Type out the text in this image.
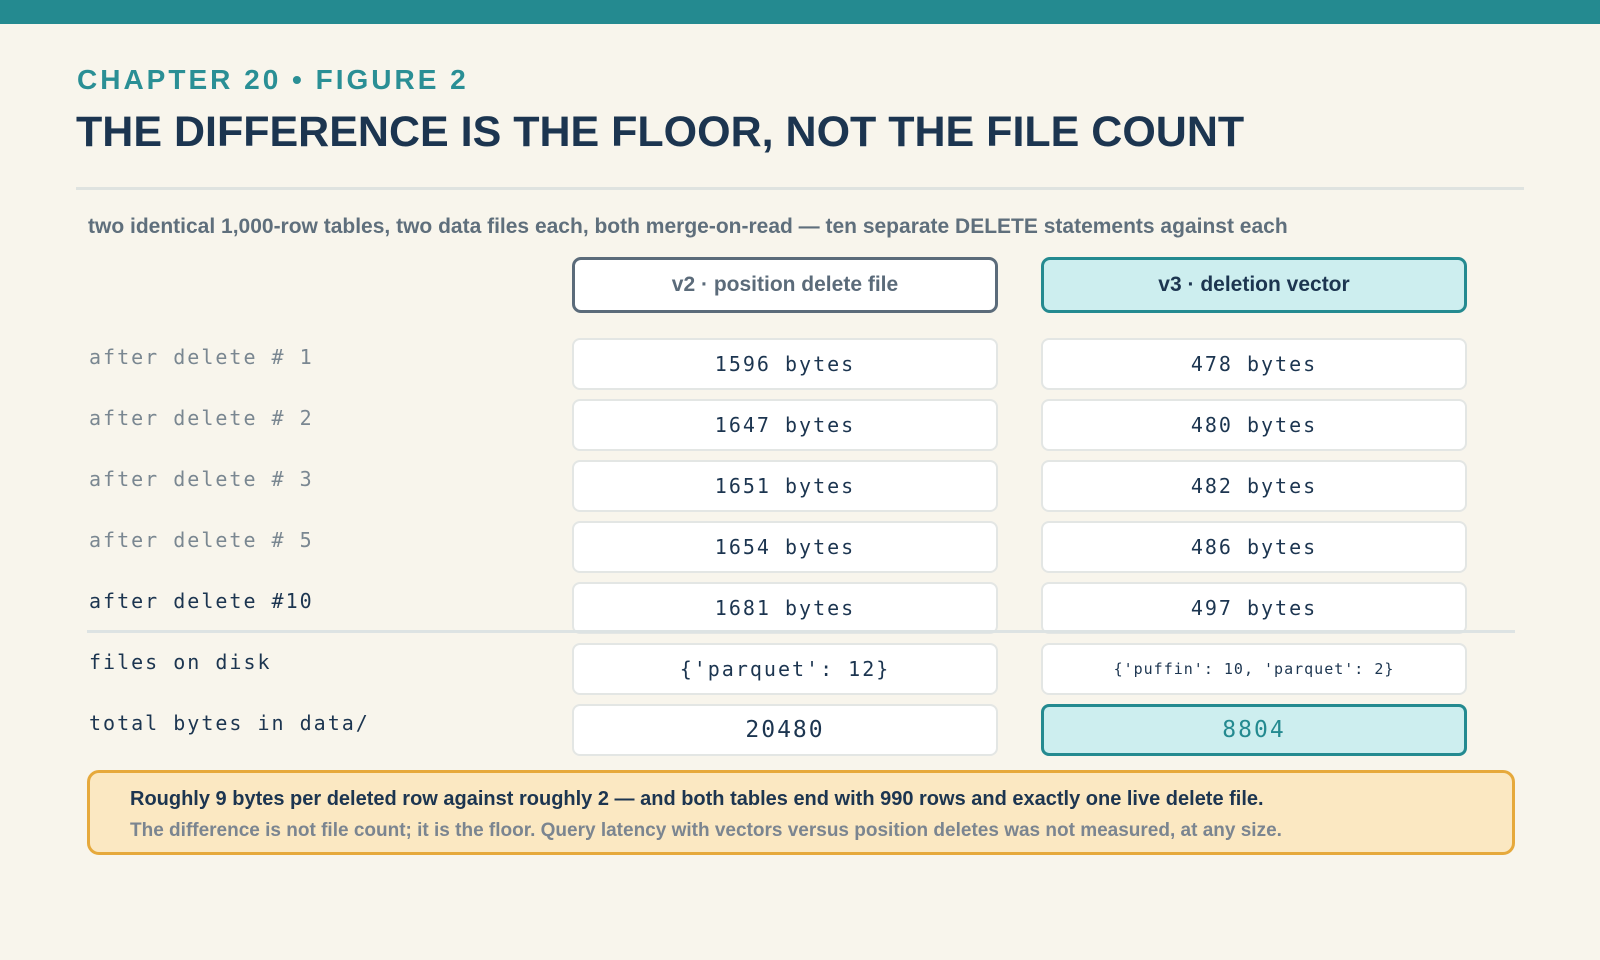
CHAPTER 20 • FIGURE 2
THE DIFFERENCE IS THE FLOOR, NOT THE FILE COUNT
two identical 1,000-row tables, two data files each, both merge-on-read — ten separate DELETE statements against each
v2 · position delete file	v3 · deletion vector
after delete # 1	1596 bytes	478 bytes
after delete # 2	1647 bytes	480 bytes
after delete # 3	1651 bytes	482 bytes
after delete # 5	1654 bytes	486 bytes
after delete #10	1681 bytes	497 bytes
files on disk	{'parquet': 12}	{'puffin': 10, 'parquet': 2}
total bytes in data/	20480	8804
Roughly 9 bytes per deleted row against roughly 2 — and both tables end with 990 rows and exactly one live delete file.
The difference is not file count; it is the floor. Query latency with vectors versus position deletes was not measured, at any size.
